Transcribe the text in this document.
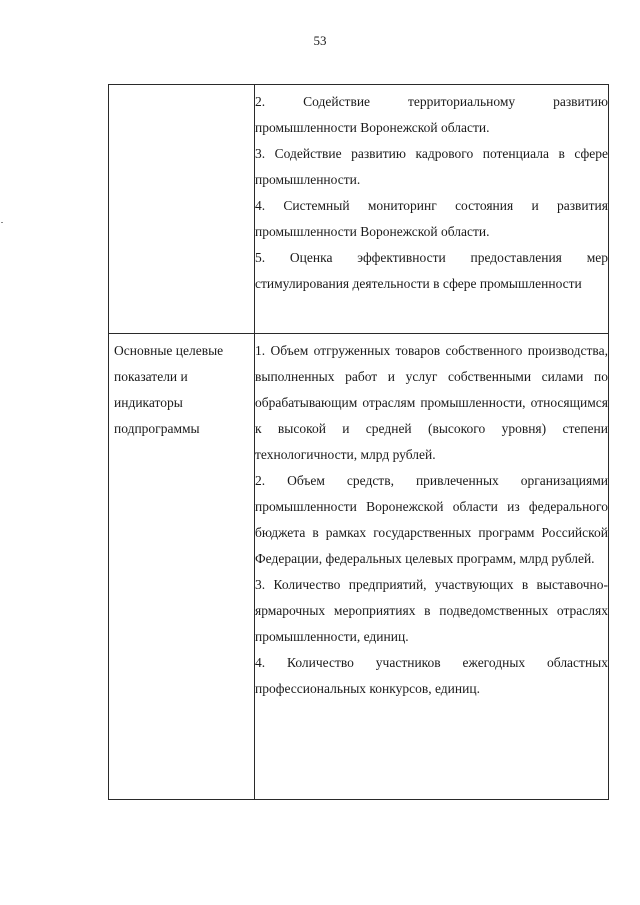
53

	2. Содействие территориальному развитию промышленности Воронежской области.

3. Содействие развитию кадрового потенциала в сфере промышленности.

4. Системный мониторинг состояния и развития промышленности Воронежской области.

5. Оценка эффективности предоставления мер стимулирования деятельности в сфере промышленности

Основные целевые показатели и индикаторы подпрограммы	1. Объем отгруженных товаров собственного производства, выполненных работ и услуг собственными силами по обрабатывающим отраслям промышленности, относящимся к высокой и средней (высокого уровня) степени технологичности, млрд рублей.

2. Объем средств, привлеченных организациями промышленности Воронежской области из федерального бюджета в рамках государственных программ Российской Федерации, федеральных целевых программ, млрд рублей.

3. Количество предприятий, участвующих в выставочно-ярмарочных мероприятиях в подведомственных отраслях промышленности, единиц.

4. Количество участников ежегодных областных профессиональных конкурсов, единиц.
